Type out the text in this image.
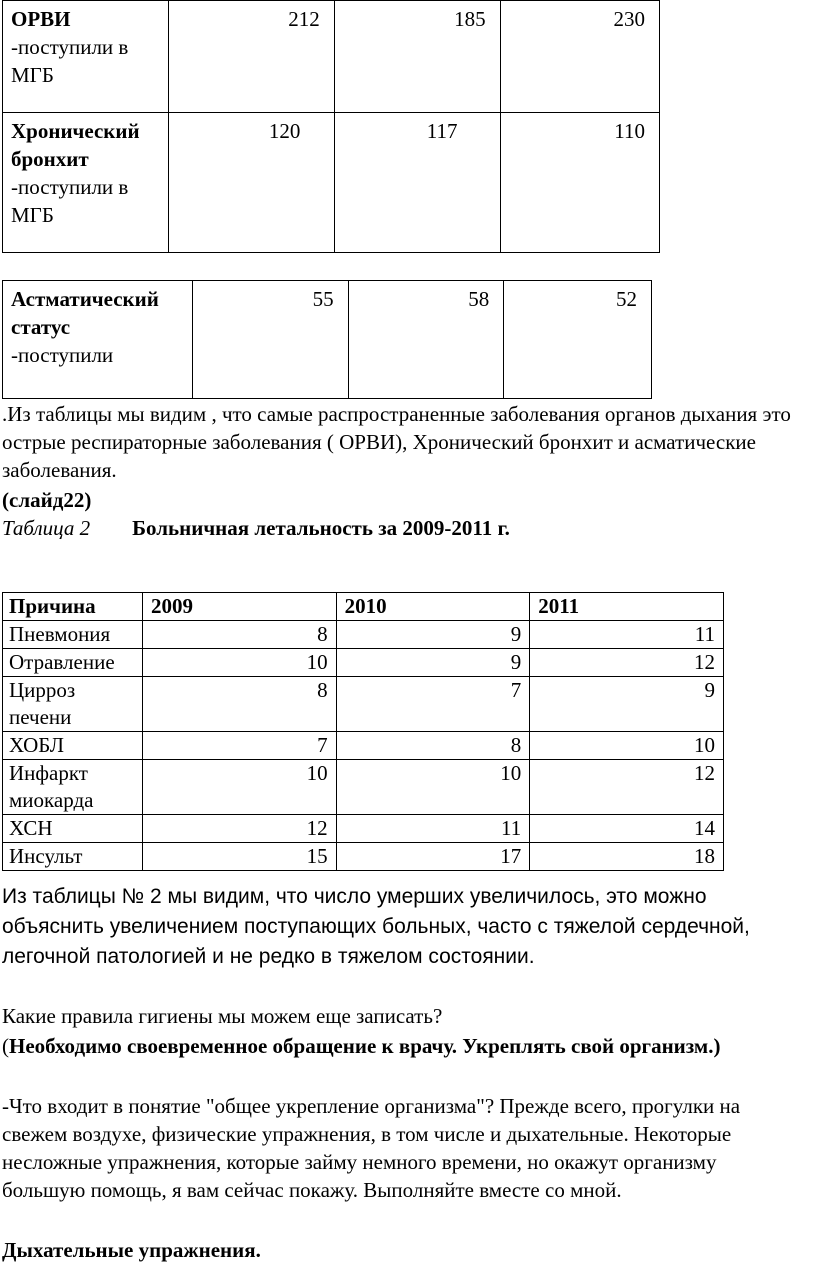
ОРВИ
-поступили в МГБ	212	185	230
Хронический бронхит
-поступили в МГБ	120	117	110
Астматический статус
-поступили	55	58	52

.Из таблицы мы видим , что самые распространенные заболевания органов дыхания это острые респираторные заболевания ( ОРВИ), Хронический бронхит и асматические заболевания.

(слайд22)

Таблица 2 Больничная летальность за 2009-2011 г.

Причина	2009	2010	2011
Пневмония	8	9	11
Отравление	10	9	12
Цирроз печени	8	7	9
ХОБЛ	7	8	10
Инфаркт миокарда	10	10	12
ХСН	12	11	14
Инсульт	15	17	18

Из таблицы № 2 мы видим, что число умерших увеличилось, это можно объяснить увеличением поступающих больных, часто с тяжелой сердечной, легочной патологией и не редко в тяжелом состоянии.

Какие правила гигиены мы можем еще записать?

(Необходимо своевременное обращение к врачу. Укреплять свой организм.)

-Что входит в понятие "общее укрепление организма"? Прежде всего, прогулки на свежем воздухе, физические упражнения, в том числе и дыхательные. Некоторые несложные упражнения, которые займу немного времени, но окажут организму большую помощь, я вам сейчас покажу. Выполняйте вместе со мной.

Дыхательные упражнения.
